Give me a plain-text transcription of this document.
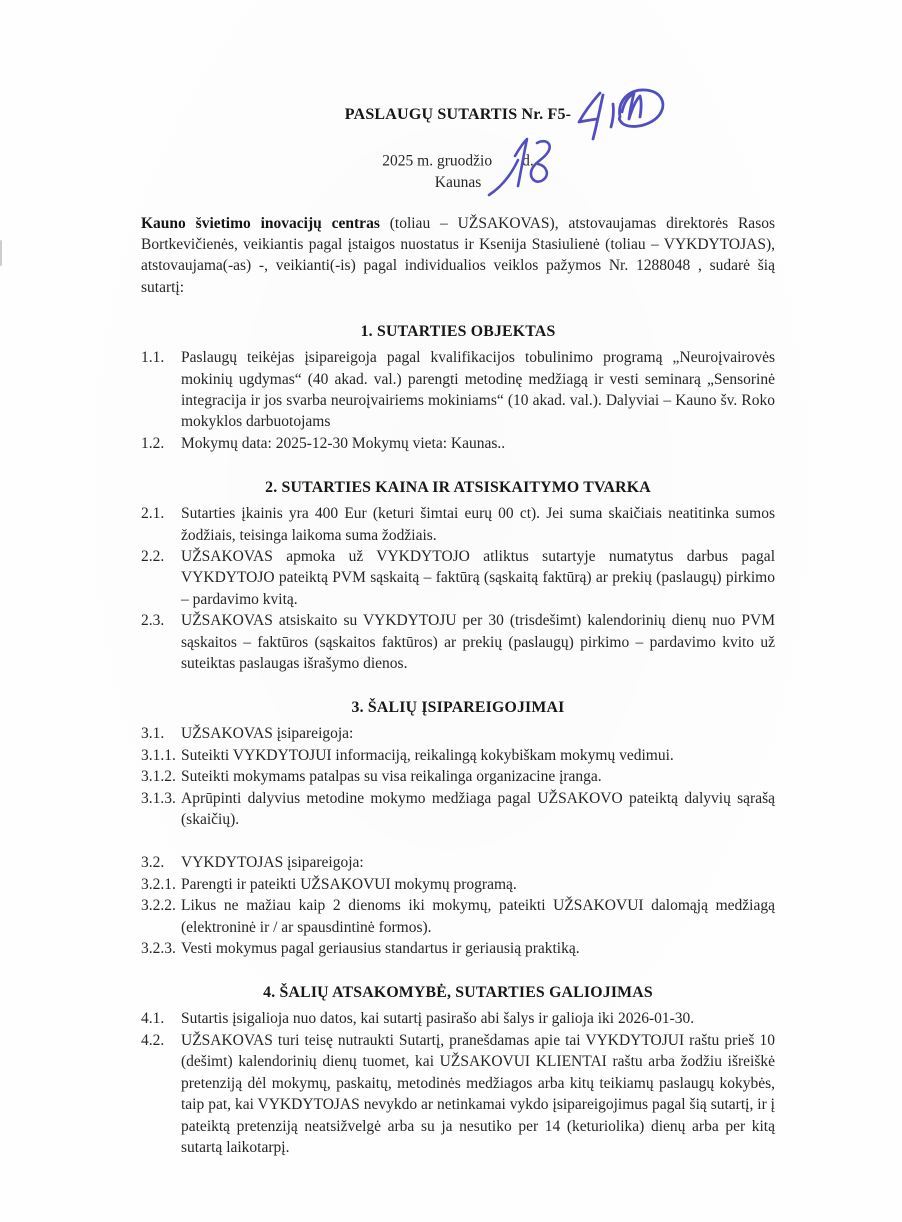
PASLAUGŲ SUTARTIS Nr. F5-
2025 m. gruodžio d.
Kaunas

Kauno švietimo inovacijų centras (toliau – UŽSAKOVAS), atstovaujamas direktorės Rasos Bortkevičienės, veikiantis pagal įstaigos nuostatus ir Ksenija Stasiulienė (toliau – VYKDYTOJAS), atstovaujama(-as) -, veikianti(-is) pagal individualios veiklos pažymos Nr. 1288048 , sudarė šią sutartį:

1. SUTARTIES OBJEKTAS
1.1. Paslaugų teikėjas įsipareigoja pagal kvalifikacijos tobulinimo programą „Neuroįvairovės mokinių ugdymas“ (40 akad. val.) parengti metodinę medžiagą ir vesti seminarą „Sensorinė integracija ir jos svarba neuroįvairiems mokiniams“ (10 akad. val.). Dalyviai – Kauno šv. Roko mokyklos darbuotojams
1.2. Mokymų data: 2025-12-30 Mokymų vieta: Kaunas..
2. SUTARTIES KAINA IR ATSISKAITYMO TVARKA
2.1. Sutarties įkainis yra 400 Eur (keturi šimtai eurų 00 ct). Jei suma skaičiais neatitinka sumos žodžiais, teisinga laikoma suma žodžiais.
2.2. UŽSAKOVAS apmoka už VYKDYTOJO atliktus sutartyje numatytus darbus pagal VYKDYTOJO pateiktą PVM sąskaitą – faktūrą (sąskaitą faktūrą) ar prekių (paslaugų) pirkimo – pardavimo kvitą.
2.3. UŽSAKOVAS atsiskaito su VYKDYTOJU per 30 (trisdešimt) kalendorinių dienų nuo PVM sąskaitos – faktūros (sąskaitos faktūros) ar prekių (paslaugų) pirkimo – pardavimo kvito už suteiktas paslaugas išrašymo dienos.
3. ŠALIŲ ĮSIPAREIGOJIMAI
3.1. UŽSAKOVAS įsipareigoja:
3.1.1. Suteikti VYKDYTOJUI informaciją, reikalingą kokybiškam mokymų vedimui.
3.1.2. Suteikti mokymams patalpas su visa reikalinga organizacine įranga.
3.1.3. Aprūpinti dalyvius metodine mokymo medžiaga pagal UŽSAKOVO pateiktą dalyvių sąrašą (skaičių).
3.2. VYKDYTOJAS įsipareigoja:
3.2.1. Parengti ir pateikti UŽSAKOVUI mokymų programą.
3.2.2. Likus ne mažiau kaip 2 dienoms iki mokymų, pateikti UŽSAKOVUI dalomąją medžiagą (elektroninė ir / ar spausdintinė formos).
3.2.3. Vesti mokymus pagal geriausius standartus ir geriausią praktiką.
4. ŠALIŲ ATSAKOMYBĖ, SUTARTIES GALIOJIMAS
4.1. Sutartis įsigalioja nuo datos, kai sutartį pasirašo abi šalys ir galioja iki 2026-01-30.
4.2. UŽSAKOVAS turi teisę nutraukti Sutartį, pranešdamas apie tai VYKDYTOJUI raštu prieš 10 (dešimt) kalendorinių dienų tuomet, kai UŽSAKOVUI KLIENTAI raštu arba žodžiu išreiškė pretenziją dėl mokymų, paskaitų, metodinės medžiagos arba kitų teikiamų paslaugų kokybės, taip pat, kai VYKDYTOJAS nevykdo ar netinkamai vykdo įsipareigojimus pagal šią sutartį, ir į pateiktą pretenziją neatsižvelgė arba su ja nesutiko per 14 (keturiolika) dienų arba per kitą sutartą laikotarpį.
